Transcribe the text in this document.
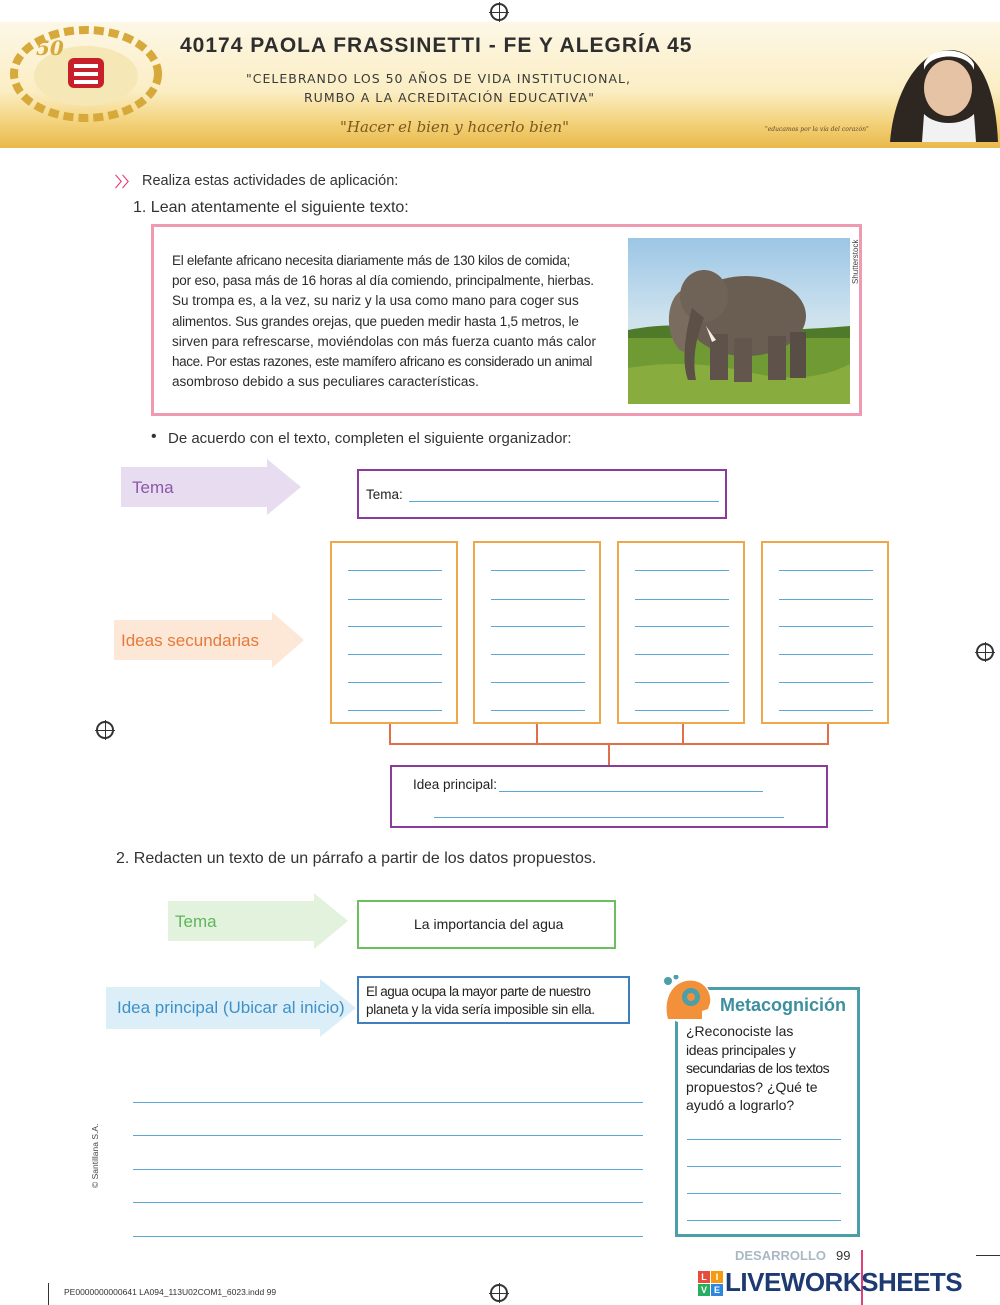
50	40174 PAOLA FRASSINETTI - FE Y ALEGRÍA 45
"CELEBRANDO LOS 50 AÑOS DE VIDA INSTITUCIONAL,
RUMBO A LA ACREDITACIÓN EDUCATIVA"
"Hacer el bien y hacerlo bien"	"educamos por la vía del corazón"
〉〉 Realiza estas actividades de aplicación:
1. Lean atentamente el siguiente texto:
El elefante africano necesita diariamente más de 130 kilos de comida;
por eso, pasa más de 16 horas al día comiendo, principalmente, hierbas.
Su trompa es, a la vez, su nariz y la usa como mano para coger sus
alimentos. Sus grandes orejas, que pueden medir hasta 1,5 metros, le
sirven para refrescarse, moviéndolas con más fuerza cuanto más calor
hace. Por estas razones, este mamífero africano es considerado un animal
asombroso debido a sus peculiares características.
Shutterstock
• De acuerdo con el texto, completen el siguiente organizador:
Tema	Tema:
Ideas secundarias
Idea principal:
2. Redacten un texto de un párrafo a partir de los datos propuestos.
Tema	La importancia del agua
Idea principal (Ubicar al inicio)
El agua ocupa la mayor parte de nuestro
planeta y la vida sería imposible sin ella.	Metacognición
¿Reconociste las
ideas principales y
secundarias de los textos
propuestos? ¿Qué te
ayudó a lograrlo?
© Santillana S.A.
DESARROLLO 99
PE0000000000641 LA094_113U02COM1_6023.indd 99
L I
V E LIVEWORKSHEETS
